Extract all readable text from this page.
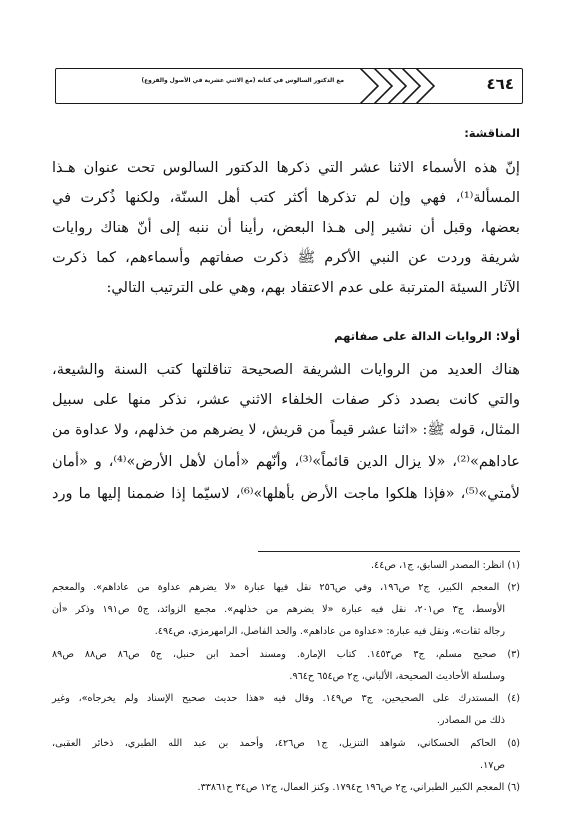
٤٦٤
مع الدكتور السالوس في كتابه (مع الاثني عشرية في الأصول والفروع)
المناقشة:
إنّ هذه الأسماء الاثنا عشر التي ذكرها الدكتور السالوس تحت عنوان هـذا
المسألة⁽¹⁾، فهي وإن لم تذكرها أكثر كتب أهل السنّة، ولكنها ذُكرت في
بعضها، وقبل أن نشير إلى هـذا البعض، رأينا أن ننبه إلى أنّ هناك روايات
شريفة وردت عن النبي الأكرم ﷺ ذكرت صفاتهم وأسماءهم، كما ذكرت
الآثار السيئة المترتبة على عدم الاعتقاد بهم، وهي على الترتيب التالي:
أولا: الروايات الدالة على صفاتهم
هناك العديد من الروايات الشريفة الصحيحة تناقلتها كتب السنة والشيعة،
والتي كانت بصدد ذكر صفات الخلفاء الاثني عشر، نذكر منها على سبيل
المثال، قوله ﷺ: «اثنا عشر قيماً من قريش، لا يضرهم من خذلهم، ولا عداوة من
عاداهم»⁽²⁾، «لا يزال الدين قائماً»⁽³⁾، وأنّهم «أمان لأهل الأرض»⁽⁴⁾، و «أمان
لأمتي»⁽⁵⁾، «فإذا هلكوا ماجت الأرض بأهلها»⁽⁶⁾، لاسيّما إذا ضممنا إليها ما ورد
(١) انظر: المصدر السابق، ج١، ص٤٤.
(٢) المعجم الكبير، ج٢ ص١٩٦، وفي ص٢٥٦ نقل فيها عبارة «لا يضرهم عداوة من عاداهم». والمعجم
الأوسط، ج٣ ص٢٠١، نقل فيه عبارة «لا يضرهم من خذلهم». مجمع الزوائد، ج٥ ص١٩١ وذكر «أن
رجاله ثقات»، ونقل فيه عبارة: «عداوة من عاداهم». والحد الفاصل، الرامهرمزي، ص٤٩٤.
(٣) صحيح مسلم، ج٣ ص١٤٥٣. كتاب الإمارة. ومسند أحمد ابن حنبل، ج٥ ص٨٦ ص٨٨ ص٨٩
وسلسلة الأحاديث الصحيحة، الألباني، ج٢ ص٦٥٤ ح٩٦٤.
(٤) المستدرك على الصحيحين، ج٣ ص١٤٩. وقال فيه «هذا حديث صحيح الإسناد ولم يخرجاه»، وغير
ذلك من المصادر.
(٥) الحاكم الحسكاني، شواهد التنزيل، ج١ ص٤٢٦، وأحمد بن عبد الله الطبري، ذخائر العقبى،
ص١٧.
(٦) المعجم الكبير الطبراني، ج٢ ص١٩٦ ح١٧٩٤. وكنز العمال، ج١٢ ص٣٤ ح٣٣٨٦١.
